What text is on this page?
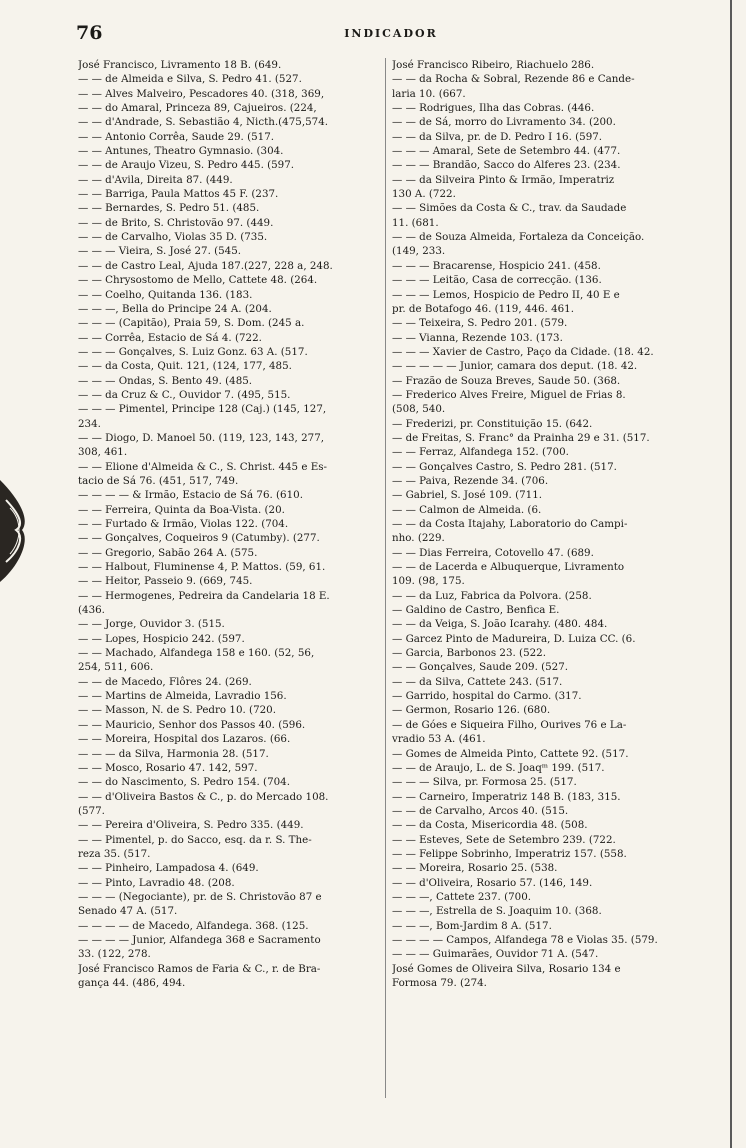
76	INDICADOR
José Francisco, Livramento 18 B. (649.
— — de Almeida e Silva, S. Pedro 41. (527.
— — Alves Malveiro, Pescadores 40. (318, 369,
— — do Amaral, Princeza 89, Cajueiros. (224,
— — d'Andrade, S. Sebastião 4, Nicth.(475,574.
— — Antonio Corrêa, Saude 29. (517.
— — Antunes, Theatro Gymnasio. (304.
— — de Araujo Vizeu, S. Pedro 445. (597.
— — d'Avila, Direita 87. (449.
— — Barriga, Paula Mattos 45 F. (237.
— — Bernardes, S. Pedro 51. (485.
— — de Brito, S. Christovão 97. (449.
— — de Carvalho, Violas 35 D. (735.
— — — Vieira, S. José 27. (545.
— — de Castro Leal, Ajuda 187.(227, 228 a, 248.
— — Chrysostomo de Mello, Cattete 48. (264.
— — Coelho, Quitanda 136. (183.
— — —, Bella do Principe 24 A. (204.
— — — (Capitão), Praia 59, S. Dom. (245 a.
— — Corrêa, Estacio de Sá 4. (722.
— — — Gonçalves, S. Luiz Gonz. 63 A. (517.
— — da Costa, Quit. 121, (124, 177, 485.
— — — Ondas, S. Bento 49. (485.
— — da Cruz & C., Ouvidor 7. (495, 515.
— — — Pimentel, Principe 128 (Caj.) (145, 127,
234.
— — Diogo, D. Manoel 50. (119, 123, 143, 277,
308, 461.
— — Elione d'Almeida & C., S. Christ. 445 e Es-
tacio de Sá 76. (451, 517, 749.
— — — — & Irmão, Estacio de Sá 76. (610.
— — Ferreira, Quinta da Boa-Vista. (20.
— — Furtado & Irmão, Violas 122. (704.
— — Gonçalves, Coqueiros 9 (Catumby). (277.
— — Gregorio, Sabão 264 A. (575.
— — Halbout, Fluminense 4, P. Mattos. (59, 61.
— — Heitor, Passeio 9. (669, 745.
— — Hermogenes, Pedreira da Candelaria 18 E.
(436.
— — Jorge, Ouvidor 3. (515.
— — Lopes, Hospicio 242. (597.
— — Machado, Alfandega 158 e 160. (52, 56,
254, 511, 606.
— — de Macedo, Flôres 24. (269.
— — Martins de Almeida, Lavradio 156.
— — Masson, N. de S. Pedro 10. (720.
— — Mauricio, Senhor dos Passos 40. (596.
— — Moreira, Hospital dos Lazaros. (66.
— — — da Silva, Harmonia 28. (517.
— — Mosco, Rosario 47. 142, 597.
— — do Nascimento, S. Pedro 154. (704.
— — d'Oliveira Bastos & C., p. do Mercado 108.
(577.
— — Pereira d'Oliveira, S. Pedro 335. (449.
— — Pimentel, p. do Sacco, esq. da r. S. The-
reza 35. (517.
— — Pinheiro, Lampadosa 4. (649.
— — Pinto, Lavradio 48. (208.
— — — (Negociante), pr. de S. Christovão 87 e
Senado 47 A. (517.
— — — — de Macedo, Alfandega. 368. (125.
— — — — Junior, Alfandega 368 e Sacramento
33. (122, 278.
José Francisco Ramos de Faria & C., r. de Bra-
gança 44. (486, 494.
José Francisco Ribeiro, Riachuelo 286.
— — da Rocha & Sobral, Rezende 86 e Cande-
laria 10. (667.
— — Rodrigues, Ilha das Cobras. (446.
— — de Sá, morro do Livramento 34. (200.
— — da Silva, pr. de D. Pedro I 16. (597.
— — — Amaral, Sete de Setembro 44. (477.
— — — Brandão, Sacco do Alferes 23. (234.
— — da Silveira Pinto & Irmão, Imperatriz
130 A. (722.
— — Simões da Costa & C., trav. da Saudade
11. (681.
— — de Souza Almeida, Fortaleza da Conceição.
(149, 233.
— — — Bracarense, Hospicio 241. (458.
— — — Leitão, Casa de correcção. (136.
— — — Lemos, Hospicio de Pedro II, 40 E e
pr. de Botafogo 46. (119, 446. 461.
— — Teixeira, S. Pedro 201. (579.
— — Vianna, Rezende 103. (173.
— — — Xavier de Castro, Paço da Cidade. (18. 42.
— — — — — Junior, camara dos deput. (18. 42.
— Frazão de Souza Breves, Saude 50. (368.
— Frederico Alves Freire, Miguel de Frias 8.
(508, 540.
— Frederizi, pr. Constituição 15. (642.
— de Freitas, S. Franc° da Prainha 29 e 31. (517.
— — Ferraz, Alfandega 152. (700.
— — Gonçalves Castro, S. Pedro 281. (517.
— — Paiva, Rezende 34. (706.
— Gabriel, S. José 109. (711.
— — Calmon de Almeida. (6.
— — da Costa Itajahy, Laboratorio do Campi-
nho. (229.
— — Dias Ferreira, Cotovello 47. (689.
— — de Lacerda e Albuquerque, Livramento
109. (98, 175.
— — da Luz, Fabrica da Polvora. (258.
— Galdino de Castro, Benfica E.
— — da Veiga, S. João Icarahy. (480. 484.
— Garcez Pinto de Madureira, D. Luiza CC. (6.
— Garcia, Barbonos 23. (522.
— — Gonçalves, Saude 209. (527.
— — da Silva, Cattete 243. (517.
— Garrido, hospital do Carmo. (317.
— Germon, Rosario 126. (680.
— de Góes e Siqueira Filho, Ourives 76 e La-
vradio 53 A. (461.
— Gomes de Almeida Pinto, Cattete 92. (517.
— — de Araujo, L. de S. Joaqᵐ 199. (517.
— — — Silva, pr. Formosa 25. (517.
— — Carneiro, Imperatriz 148 B. (183, 315.
— — de Carvalho, Arcos 40. (515.
— — da Costa, Misericordia 48. (508.
— — Esteves, Sete de Setembro 239. (722.
— — Felippe Sobrinho, Imperatriz 157. (558.
— — Moreira, Rosario 25. (538.
— — d'Oliveira, Rosario 57. (146, 149.
— — —, Cattete 237. (700.
— — —, Estrella de S. Joaquim 10. (368.
— — —, Bom-Jardim 8 A. (517.
— — — — Campos, Alfandega 78 e Violas 35. (579.
— — — Guimarães, Ouvidor 71 A. (547.
José Gomes de Oliveira Silva, Rosario 134 e
Formosa 79. (274.
